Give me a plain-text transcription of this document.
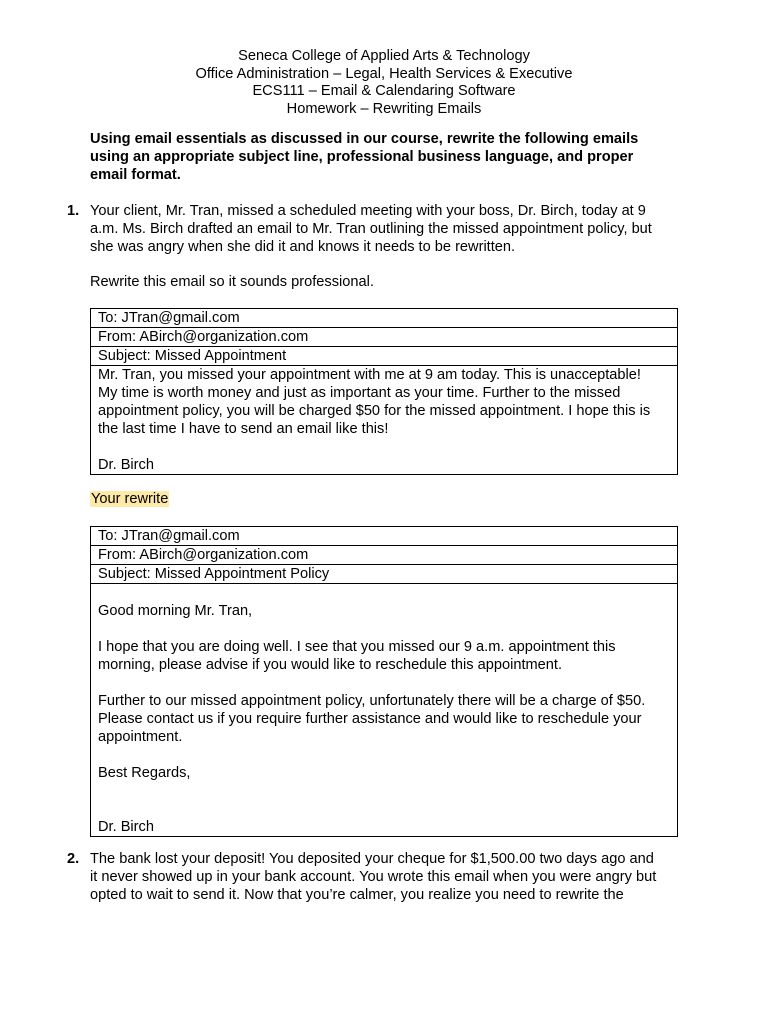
Seneca College of Applied Arts & Technology
Office Administration – Legal, Health Services & Executive
ECS111 – Email & Calendaring Software
Homework – Rewriting Emails
Using email essentials as discussed in our course, rewrite the following emails
using an appropriate subject line, professional business language, and proper
email format.
1. Your client, Mr. Tran, missed a scheduled meeting with your boss, Dr. Birch, today at 9
a.m. Ms. Birch drafted an email to Mr. Tran outlining the missed appointment policy, but
she was angry when she did it and knows it needs to be rewritten.
Rewrite this email so it sounds professional.
To: JTran@gmail.com
From: ABirch@organization.com
Subject: Missed Appointment
Mr. Tran, you missed your appointment with me at 9 am today. This is unacceptable!
My time is worth money and just as important as your time. Further to the missed
appointment policy, you will be charged $50 for the missed appointment. I hope this is
the last time I have to send an email like this!
Dr. Birch
Your rewrite
To: JTran@gmail.com
From: ABirch@organization.com
Subject: Missed Appointment Policy
Good morning Mr. Tran,
I hope that you are doing well. I see that you missed our 9 a.m. appointment this
morning, please advise if you would like to reschedule this appointment.
Further to our missed appointment policy, unfortunately there will be a charge of $50.
Please contact us if you require further assistance and would like to reschedule your
appointment.
Best Regards,
Dr. Birch
2. The bank lost your deposit! You deposited your cheque for $1,500.00 two days ago and
it never showed up in your bank account. You wrote this email when you were angry but
opted to wait to send it. Now that you’re calmer, you realize you need to rewrite the
